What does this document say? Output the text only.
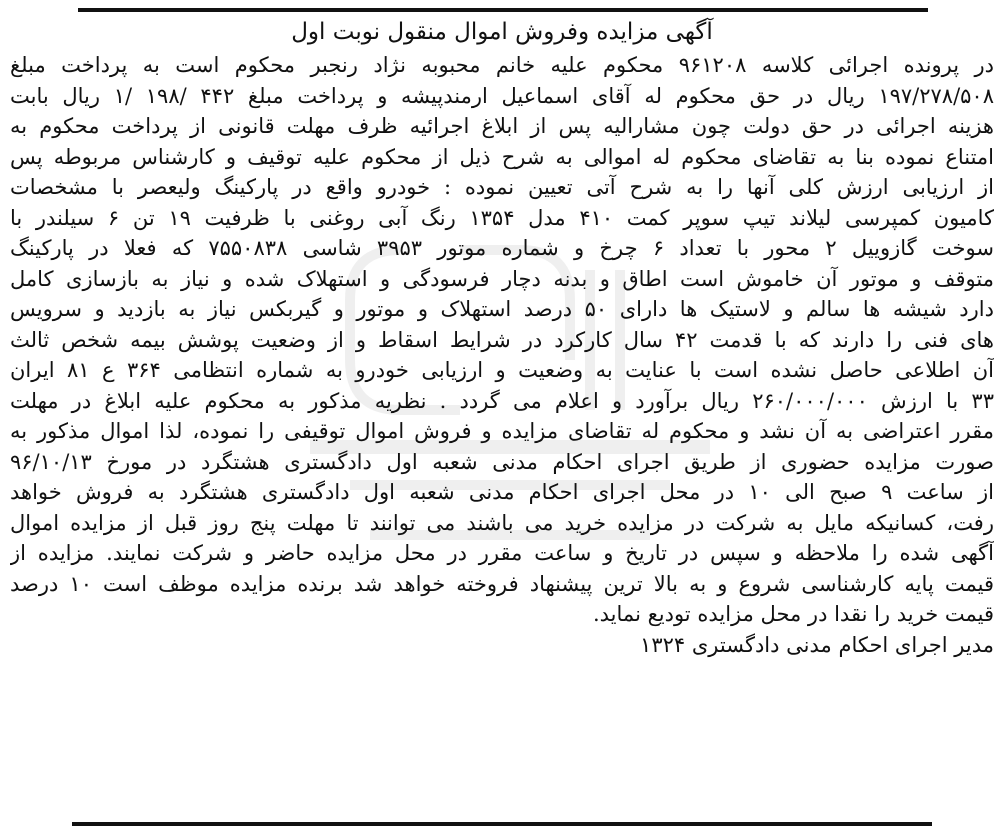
آگهی مزایده وفروش اموال منقول نوبت اول
در پرونده اجرائی کلاسه ۹۶۱۲۰۸ محکوم علیه خانم محبوبه نژاد رنجبر محکوم است به پرداخت مبلغ
۱۹۷/۲۷۸/۵۰۸ ریال در حق محکوم له آقای اسماعیل ارمندپیشه و پرداخت مبلغ ۴۴۲ /۱۹۸ /۱ ریال بابت
هزینه اجرائی در حق دولت چون مشارالیه پس از ابلاغ اجرائیه ظرف مهلت قانونی از پرداخت محکوم به
امتناع نموده بنا به تقاضای محکوم له اموالی به شرح ذیل از محکوم علیه توقیف و کارشناس مربوطه پس
از ارزیابی ارزش کلی آنها را به شرح آتی تعیین نموده : خودرو واقع در پارکینگ ولیعصر با مشخصات
کامیون کمپرسی لیلاند تیپ سوپر کمت ۴۱۰ مدل ۱۳۵۴ رنگ آبی روغنی با ظرفیت ۱۹ تن ۶ سیلندر با
سوخت گازوییل ۲ محور با تعداد ۶ چرخ و شماره موتور ۳۹۵۳ شاسی ۷۵۵۰۸۳۸ که فعلا در پارکینگ
متوقف و موتور آن خاموش است اطاق و بدنه دچار فرسودگی و استهلاک شده و نیاز به بازسازی کامل
دارد شیشه ها سالم و لاستیک ها دارای ۵۰ درصد استهلاک و موتور و گیربکس نیاز به بازدید و سرویس
های فنی را دارند که با قدمت ۴۲ سال کارکرد در شرایط اسقاط و از وضعیت پوشش بیمه شخص ثالث
آن اطلاعی حاصل نشده است با عنایت به وضعیت و ارزیابی خودرو به شماره انتظامی ۳۶۴ ع ۸۱ ایران
۳۳ با ارزش ۲۶۰/۰۰۰/۰۰۰ ریال برآورد و اعلام می گردد . نظریه مذکور به محکوم علیه ابلاغ در مهلت
مقرر اعتراضی به آن نشد و محکوم له تقاضای مزایده و فروش اموال توقیفی را نموده، لذا اموال مذکور به
صورت مزایده حضوری از طریق اجرای احکام مدنی شعبه اول دادگستری هشتگرد در مورخ ۹۶/۱۰/۱۳
از ساعت ۹ صبح الی ۱۰ در محل اجرای احکام مدنی شعبه اول دادگستری هشتگرد به فروش خواهد
رفت، کسانیکه مایل به شرکت در مزایده خرید می باشند می توانند تا مهلت پنج روز قبل از مزایده اموال
آگهی شده را ملاحظه و سپس در تاریخ و ساعت مقرر در محل مزایده حاضر و شرکت نمایند. مزایده از
قیمت پایه کارشناسی شروع و به بالا ترین پیشنهاد فروخته خواهد شد برنده مزایده موظف است ۱۰ درصد
قیمت خرید را نقدا در محل مزایده تودیع نماید.
مدیر اجرای احکام مدنی دادگستری ۱۳۲۴
